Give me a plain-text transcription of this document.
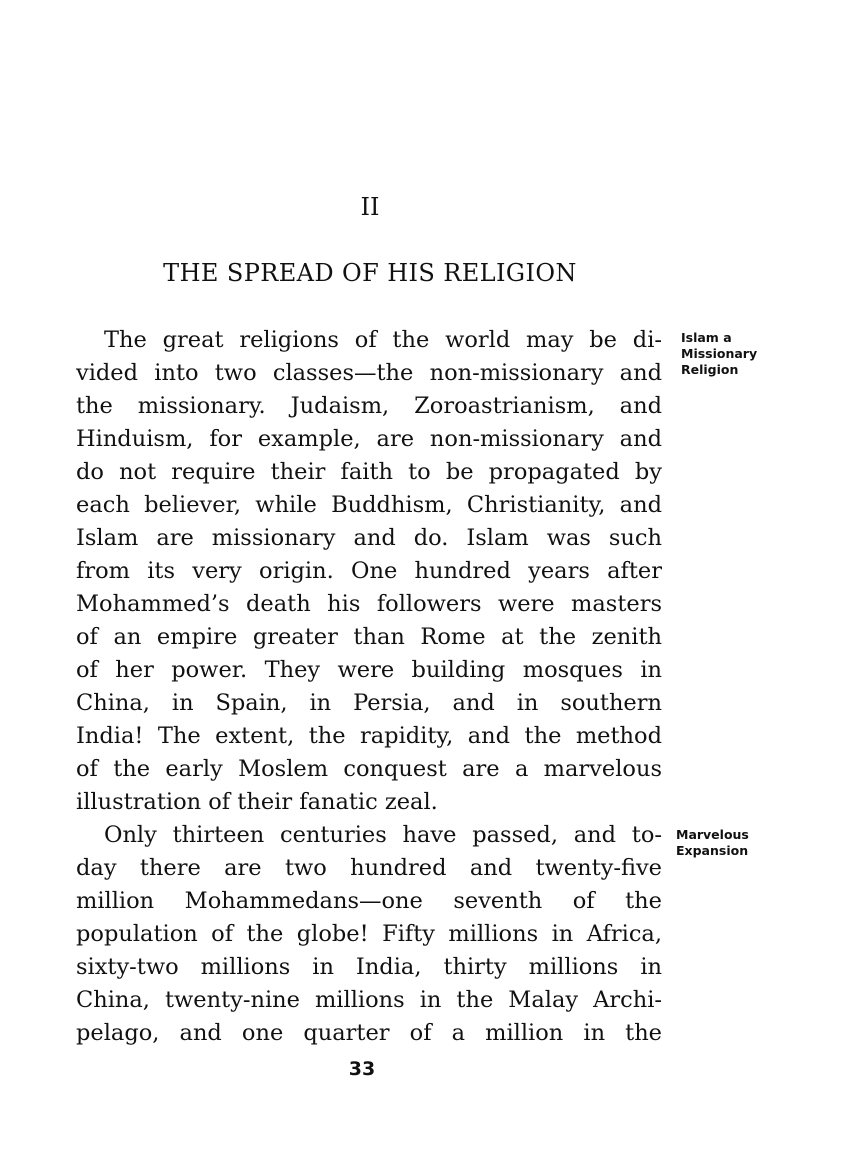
II
THE SPREAD OF HIS RELIGION
The great religions of the world may be di-
vided into two classes—the non-missionary and
the missionary. Judaism, Zoroastrianism, and
Hinduism, for example, are non-missionary and
do not require their faith to be propagated by
each believer, while Buddhism, Christianity, and
Islam are missionary and do. Islam was such
from its very origin. One hundred years after
Mohammed’s death his followers were masters
of an empire greater than Rome at the zenith
of her power. They were building mosques in
China, in Spain, in Persia, and in southern
India! The extent, the rapidity, and the method
of the early Moslem conquest are a marvelous
illustration of their fanatic zeal.
Only thirteen centuries have passed, and to-
day there are two hundred and twenty-five
million Mohammedans—one seventh of the
population of the globe! Fifty millions in Africa,
sixty-two millions in India, thirty millions in
China, twenty-nine millions in the Malay Archi-
pelago, and one quarter of a million in the
Islam a
Missionary
Religion
Marvelous
Expansion
33
